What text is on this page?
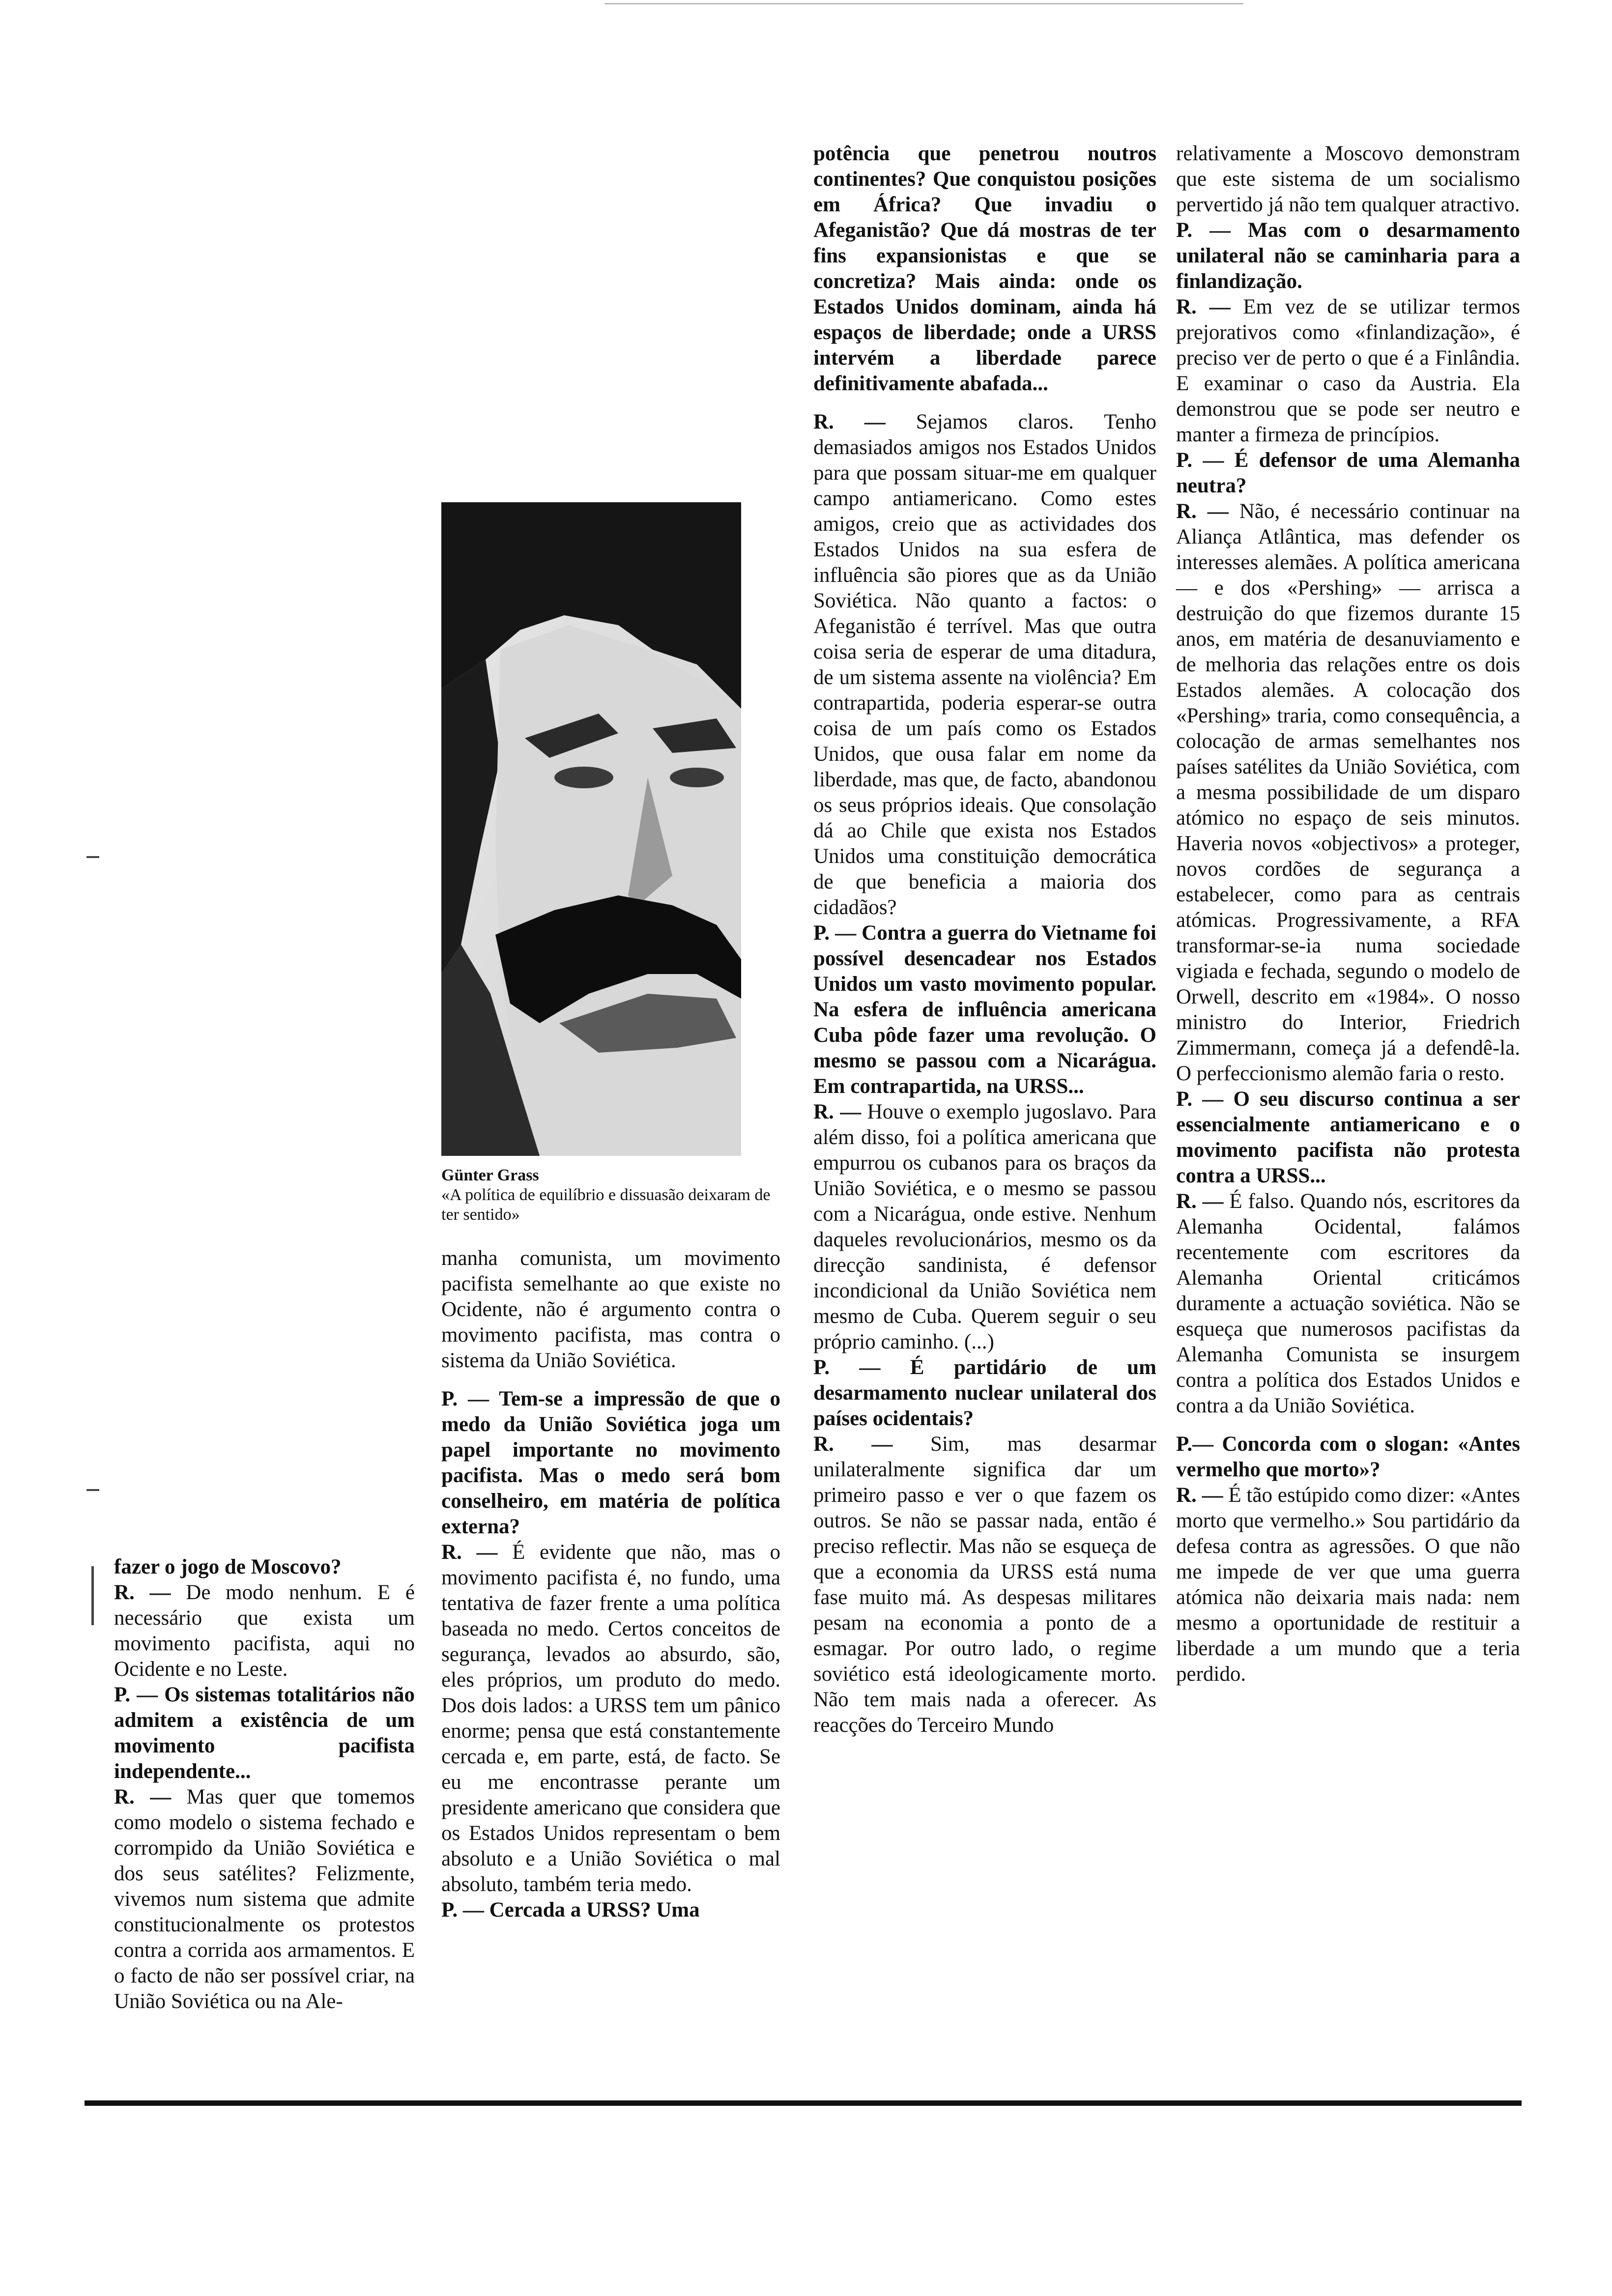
Günter Grass
«A política de equilíbrio e dissuasão deixaram de ter sentido»

fazer o jogo de Moscovo?

R. — De modo nenhum. E é necessário que exista um movimento pacifista, aqui no Ocidente e no Leste.

P. — Os sistemas totalitários não admitem a existência de um movimento pacifista independente...

R. — Mas quer que tomemos como modelo o sistema fechado e corrompido da União Soviética e dos seus satélites? Felizmente, vivemos num sistema que admite constitucionalmente os protestos contra a corrida aos armamentos. E o facto de não ser possível criar, na União Soviética ou na Ale-

manha comunista, um movimento pacifista semelhante ao que existe no Ocidente, não é argumento contra o movimento pacifista, mas contra o sistema da União Soviética.

P. — Tem-se a impressão de que o medo da União Soviética joga um papel importante no movimento pacifista. Mas o medo será bom conselheiro, em matéria de política externa?

R. — É evidente que não, mas o movimento pacifista é, no fundo, uma tentativa de fazer frente a uma política baseada no medo. Certos conceitos de segurança, levados ao absurdo, são, eles próprios, um produto do medo. Dos dois lados: a URSS tem um pânico enorme; pensa que está constantemente cercada e, em parte, está, de facto. Se eu me encontrasse perante um presidente americano que considera que os Estados Unidos representam o bem absoluto e a União Soviética o mal absoluto, também teria medo.

P. — Cercada a URSS? Uma

potência que penetrou noutros continentes? Que conquistou posições em África? Que invadiu o Afeganistão? Que dá mostras de ter fins expansionistas e que se concretiza? Mais ainda: onde os Estados Unidos dominam, ainda há espaços de liberdade; onde a URSS intervém a liberdade parece definitivamente abafada...

R. — Sejamos claros. Tenho demasiados amigos nos Estados Unidos para que possam situar-me em qualquer campo antiamericano. Como estes amigos, creio que as actividades dos Estados Unidos na sua esfera de influência são piores que as da União Soviética. Não quanto a factos: o Afeganistão é terrível. Mas que outra coisa seria de esperar de uma ditadura, de um sistema assente na violência? Em contrapartida, poderia esperar-se outra coisa de um país como os Estados Unidos, que ousa falar em nome da liberdade, mas que, de facto, abandonou os seus próprios ideais. Que consolação dá ao Chile que exista nos Estados Unidos uma constituição democrática de que beneficia a maioria dos cidadãos?

P. — Contra a guerra do Vietname foi possível desencadear nos Estados Unidos um vasto movimento popular. Na esfera de influência americana Cuba pôde fazer uma revolução. O mesmo se passou com a Nicarágua. Em contrapartida, na URSS...

R. — Houve o exemplo jugoslavo. Para além disso, foi a política americana que empurrou os cubanos para os braços da União Soviética, e o mesmo se passou com a Nicarágua, onde estive. Nenhum daqueles revolucionários, mesmo os da direcção sandinista, é defensor incondicional da União Soviética nem mesmo de Cuba. Querem seguir o seu próprio caminho. (...)

P. — É partidário de um desarmamento nuclear unilateral dos países ocidentais?

R. — Sim, mas desarmar unilateralmente significa dar um primeiro passo e ver o que fazem os outros. Se não se passar nada, então é preciso reflectir. Mas não se esqueça de que a economia da URSS está numa fase muito má. As despesas militares pesam na economia a ponto de a esmagar. Por outro lado, o regime soviético está ideologicamente morto. Não tem mais nada a oferecer. As reacções do Terceiro Mundo

relativamente a Moscovo demonstram que este sistema de um socialismo pervertido já não tem qualquer atractivo.

P. — Mas com o desarmamento unilateral não se caminharia para a finlandização.

R. — Em vez de se utilizar termos prejorativos como «finlandização», é preciso ver de perto o que é a Finlândia. E examinar o caso da Austria. Ela demonstrou que se pode ser neutro e manter a firmeza de princípios.

P. — É defensor de uma Alemanha neutra?

R. — Não, é necessário continuar na Aliança Atlântica, mas defender os interesses alemães. A política americana — e dos «Pershing» — arrisca a destruição do que fizemos durante 15 anos, em matéria de desanuviamento e de melhoria das relações entre os dois Estados alemães. A colocação dos «Pershing» traria, como consequência, a colocação de armas semelhantes nos países satélites da União Soviética, com a mesma possibilidade de um disparo atómico no espaço de seis minutos. Haveria novos «objectivos» a proteger, novos cordões de segurança a estabelecer, como para as centrais atómicas. Progressivamente, a RFA transformar-se-ia numa sociedade vigiada e fechada, segundo o modelo de Orwell, descrito em «1984». O nosso ministro do Interior, Friedrich Zimmermann, começa já a defendê-la. O perfeccionismo alemão faria o resto.

P. — O seu discurso continua a ser essencialmente antiamericano e o movimento pacifista não protesta contra a URSS...

R. — É falso. Quando nós, escritores da Alemanha Ocidental, falámos recentemente com escritores da Alemanha Oriental criticámos duramente a actuação soviética. Não se esqueça que numerosos pacifistas da Alemanha Comunista se insurgem contra a política dos Estados Unidos e contra a da União Soviética.

P.— Concorda com o slogan: «Antes vermelho que morto»?

R. — É tão estúpido como dizer: «Antes morto que vermelho.» Sou partidário da defesa contra as agressões. O que não me impede de ver que uma guerra atómica não deixaria mais nada: nem mesmo a oportunidade de restituir a liberdade a um mundo que a teria perdido.
